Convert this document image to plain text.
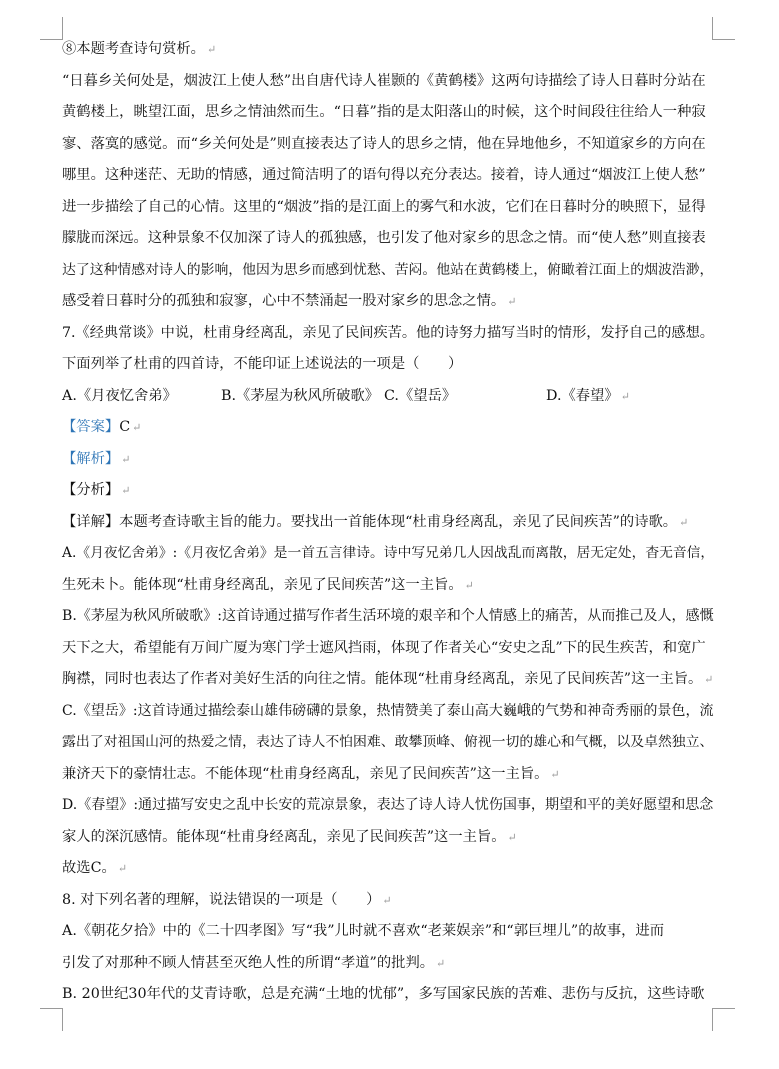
⑧本题考查诗句赏析。 ↵
“日暮乡关何处是，烟波江上使人愁”出自唐代诗人崔颢的《黄鹤楼》这两句诗描绘了诗人日暮时分站在
黄鹤楼上，眺望江面，思乡之情油然而生。“日暮”指的是太阳落山的时候，这个时间段往往给人一种寂
寥、落寞的感觉。而“乡关何处是”则直接表达了诗人的思乡之情，他在异地他乡，不知道家乡的方向在
哪里。这种迷茫、无助的情感，通过简洁明了的语句得以充分表达。接着，诗人通过“烟波江上使人愁”
进一步描绘了自己的心情。这里的“烟波”指的是江面上的雾气和水波，它们在日暮时分的映照下，显得
朦胧而深远。这种景象不仅加深了诗人的孤独感，也引发了他对家乡的思念之情。而“使人愁”则直接表
达了这种情感对诗人的影响，他因为思乡而感到忧愁、苦闷。他站在黄鹤楼上，俯瞰着江面上的烟波浩渺，
感受着日暮时分的孤独和寂寥，心中不禁涌起一股对家乡的思念之情。 ↵
7.《经典常谈》中说，杜甫身经离乱，亲见了民间疾苦。他的诗努力描写当时的情形，发抒自己的感想。
下面列举了杜甫的四首诗，不能印证上述说法的一项是（　　）
A.《月夜忆舍弟》	B.《茅屋为秋风所破歌》 C.《望岳》	D.《春望》 ↵
【答案】C ↵
【解析】 ↵
【分析】 ↵
【详解】本题考查诗歌主旨的能力。要找出一首能体现“杜甫身经离乱，亲见了民间疾苦”的诗歌。 ↵
A.《月夜忆舍弟》:《月夜忆舍弟》是一首五言律诗。诗中写兄弟几人因战乱而离散，居无定处，杳无音信，
生死未卜。能体现“杜甫身经离乱，亲见了民间疾苦”这一主旨。 ↵
B.《茅屋为秋风所破歌》:这首诗通过描写作者生活环境的艰辛和个人情感上的痛苦，从而推己及人，感慨
天下之大，希望能有万间广厦为寒门学士遮风挡雨，体现了作者关心“安史之乱”下的民生疾苦，和宽广
胸襟，同时也表达了作者对美好生活的向往之情。能体现“杜甫身经离乱，亲见了民间疾苦”这一主旨。 ↵
C.《望岳》:这首诗通过描绘泰山雄伟磅礴的景象，热情赞美了泰山高大巍峨的气势和神奇秀丽的景色，流
露出了对祖国山河的热爱之情，表达了诗人不怕困难、敢攀顶峰、俯视一切的雄心和气概，以及卓然独立、
兼济天下的豪情壮志。不能体现“杜甫身经离乱，亲见了民间疾苦”这一主旨。 ↵
D.《春望》:通过描写安史之乱中长安的荒凉景象，表达了诗人诗人忧伤国事，期望和平的美好愿望和思念
家人的深沉感情。能体现“杜甫身经离乱，亲见了民间疾苦”这一主旨。 ↵
故选C。 ↵
8. 对下列名著的理解，说法错误的一项是（　　） ↵
A.《朝花夕拾》中的《二十四孝图》写“我”儿时就不喜欢“老莱娱亲”和“郭巨埋儿”的故事，进而
引发了对那种不顾人情甚至灭绝人性的所谓“孝道”的批判。 ↵
B. 20世纪30年代的艾青诗歌，总是充满“土地的忧郁”，多写国家民族的苦难、悲伤与反抗，这些诗歌
